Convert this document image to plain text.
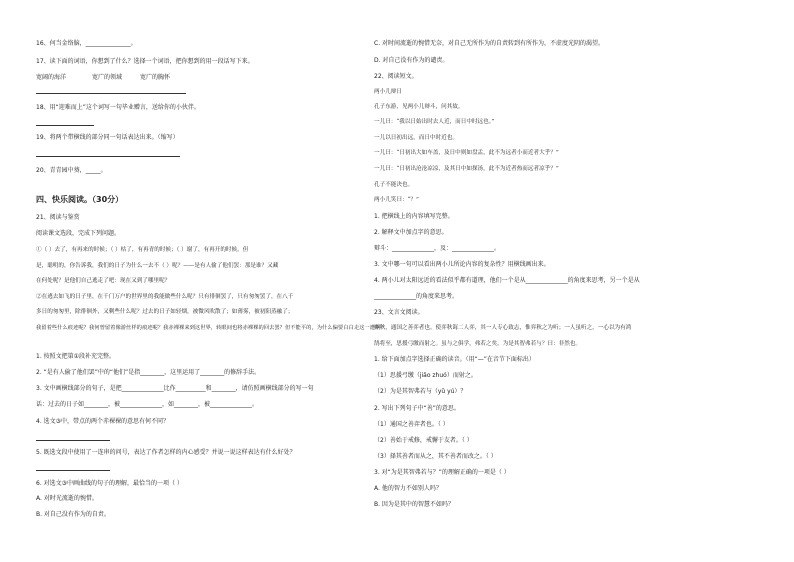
16、何当金络脑，_______________。
17、读下面的词语，你想到了什么？选择一个词语，把你想到的用一段话写下来。
宽阔的海洋	宽广的领域	宽广的胸怀
18、用“迎难而上”这个词写一句毕业赠言，送给你的小伙伴。
19、将两个带横线的部分同一句话表达出来。（缩写）
20、青青园中葵，_____。
四、快乐阅读。（30分）
21、阅读与鉴赏
阅读课文选段，完成下列问题。
①（ ）去了，有再来的时候；（ ）枯了，有再青的时候；（ ）谢了，有再开的时候。但
是，聪明的，你告诉我，我们的日子为什么一去不（ ）呢？——是有人偷了他们罢：那是谁？又藏
在何处呢？是他们自己逃走了吧：现在又到了哪里呢？
②在逃去如飞的日子里，在千门万户的世界里的我能做些什么呢？只有徘徊罢了，只有匆匆罢了，在八千
多日的匆匆里，除徘徊外，又剩些什么呢？过去的日子如轻烟，被微风吹散了；如薄雾，被初阳蒸融了；
我留着些什么痕迹呢？我何曾留着像游丝样的痕迹呢？我赤裸裸来到这世界，转眼间也将赤裸裸的回去罢？但不能平的，为什么偏要白白走这一遭啊？
1. 按照文把第①段补充完整。
2. “是有人偷了他们罢”中的“他们”是指________，这里运用了________的修辞手法。
3. 文中画横线部分的句子，是把______________比作__________和________，请仿照画横线部分的写一句
话：过去的日子如________，被______________，如________，被______________。
4. 选文③中，带点的两个赤裸裸的意思有何不同？
5. 既选文段中使用了一连串的问号，表达了作者怎样的内心感受？并说一说这样表达有什么好处？
6. 对选文③中画曲线的句子的理解，最恰当的一项（ ）
A. 对时光流逝的惋惜。
B. 对自己没有作为的自责。
C. 对时间流逝的惋惜无奈，对自己无所作为的自责转到有所作为，不虚度光阴的渴望。
D. 对自己没有作为的谴责。
22、阅读短文。
两小儿辩日
孔子东游，见两小儿辩斗，问其故。
一儿曰：“我以日始出时去人近，而日中时远也。”
一儿以日初出远，而日中时近也。
一儿曰：“日初出大如车盖，及日中则如盘盂，此不为远者小而近者大乎？”
一儿曰：“日初出沧沧凉凉，及其日中如探汤，此不为近者热而远者凉乎？”
孔子不能决也。
两小儿笑曰：“？”
1. 把横线上的内容填写完整。
2. 解释文中加点字的意思。
辩斗：______________，及：______________。
3. 文中哪一句可以看出两小儿所论内容的复杂性？用横线画出来。
4. 两小儿对太阳远近的看法似乎都有道理，他们一个是从______________的角度来思考，另一个是从
______________的角度来思考。
23、文言文阅读。
弈秋，通国之善弈者也。使弈秋诲二人弈，其一人专心致志，惟弈秋之为听；一人虽听之，一心以为有鸿
鹄将至，思援弓缴而射之。虽与之俱学，弗若之矣。为是其智弗若与？曰：非然也。
1. 给下面加点字选择正确的读音。（用“—”在音节下面标出）
（1）思援弓缴（jiǎo zhuó）而射之。
（2）为是其智弗若与（yǔ yú）？
2. 写出下列句子中“善”的意思。
（1）通国之善弈者也。（ ）
（2）善始于戒修，戒懈于友者。（ ）
（3）择其善者而从之，其不善者而改之。（ ）
3. 对“为是其智弗若与？”的理解正确的一项是（ ）
A. 他的智力不如别人吗？
B. 因为是其中的智慧不如吗？
